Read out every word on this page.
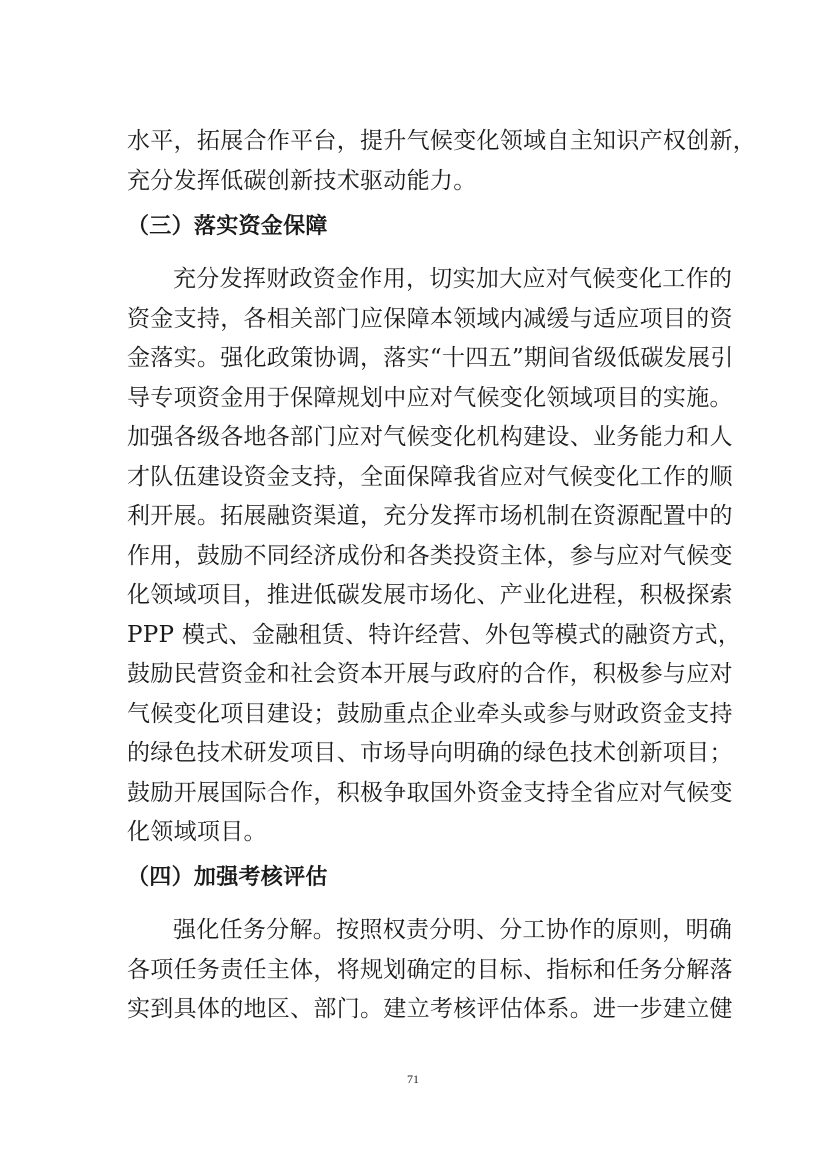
水平，拓展合作平台，提升气候变化领域自主知识产权创新，
充分发挥低碳创新技术驱动能力。
（三）落实资金保障
充分发挥财政资金作用，切实加大应对气候变化工作的
资金支持，各相关部门应保障本领域内减缓与适应项目的资
金落实。强化政策协调，落实“十四五”期间省级低碳发展引
导专项资金用于保障规划中应对气候变化领域项目的实施。
加强各级各地各部门应对气候变化机构建设、业务能力和人
才队伍建设资金支持，全面保障我省应对气候变化工作的顺
利开展。拓展融资渠道，充分发挥市场机制在资源配置中的
作用，鼓励不同经济成份和各类投资主体，参与应对气候变
化领域项目，推进低碳发展市场化、产业化进程，积极探索
PPP 模式、金融租赁、特许经营、外包等模式的融资方式，
鼓励民营资金和社会资本开展与政府的合作，积极参与应对
气候变化项目建设；鼓励重点企业牵头或参与财政资金支持
的绿色技术研发项目、市场导向明确的绿色技术创新项目；
鼓励开展国际合作，积极争取国外资金支持全省应对气候变
化领域项目。
（四）加强考核评估
强化任务分解。按照权责分明、分工协作的原则，明确
各项任务责任主体，将规划确定的目标、指标和任务分解落
实到具体的地区、部门。建立考核评估体系。进一步建立健
71
